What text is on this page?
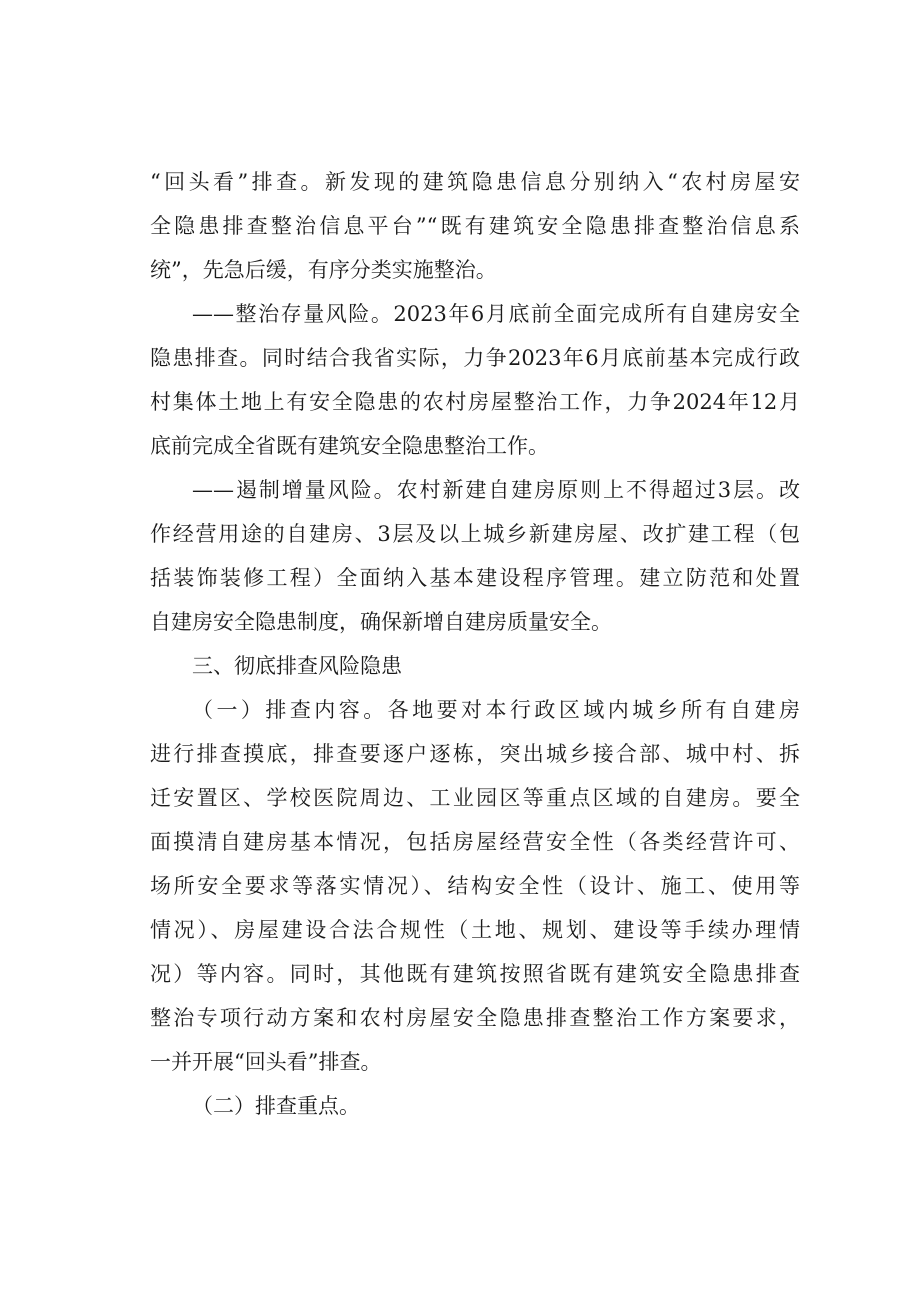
“回头看”排查。新发现的建筑隐患信息分别纳入“农村房屋安
全隐患排查整治信息平台”“既有建筑安全隐患排查整治信息系
统”，先急后缓，有序分类实施整治。
——整治存量风险。2023年6月底前全面完成所有自建房安全
隐患排查。同时结合我省实际，力争2023年6月底前基本完成行政
村集体土地上有安全隐患的农村房屋整治工作，力争2024年12月
底前完成全省既有建筑安全隐患整治工作。
——遏制增量风险。农村新建自建房原则上不得超过3层。改
作经营用途的自建房、3层及以上城乡新建房屋、改扩建工程（包
括装饰装修工程）全面纳入基本建设程序管理。建立防范和处置
自建房安全隐患制度，确保新增自建房质量安全。
三、彻底排查风险隐患
（一）排查内容。各地要对本行政区域内城乡所有自建房
进行排查摸底，排查要逐户逐栋，突出城乡接合部、城中村、拆
迁安置区、学校医院周边、工业园区等重点区域的自建房。要全
面摸清自建房基本情况，包括房屋经营安全性（各类经营许可、
场所安全要求等落实情况）、结构安全性（设计、施工、使用等
情况）、房屋建设合法合规性（土地、规划、建设等手续办理情
况）等内容。同时，其他既有建筑按照省既有建筑安全隐患排查
整治专项行动方案和农村房屋安全隐患排查整治工作方案要求，
一并开展“回头看”排查。
（二）排查重点。
